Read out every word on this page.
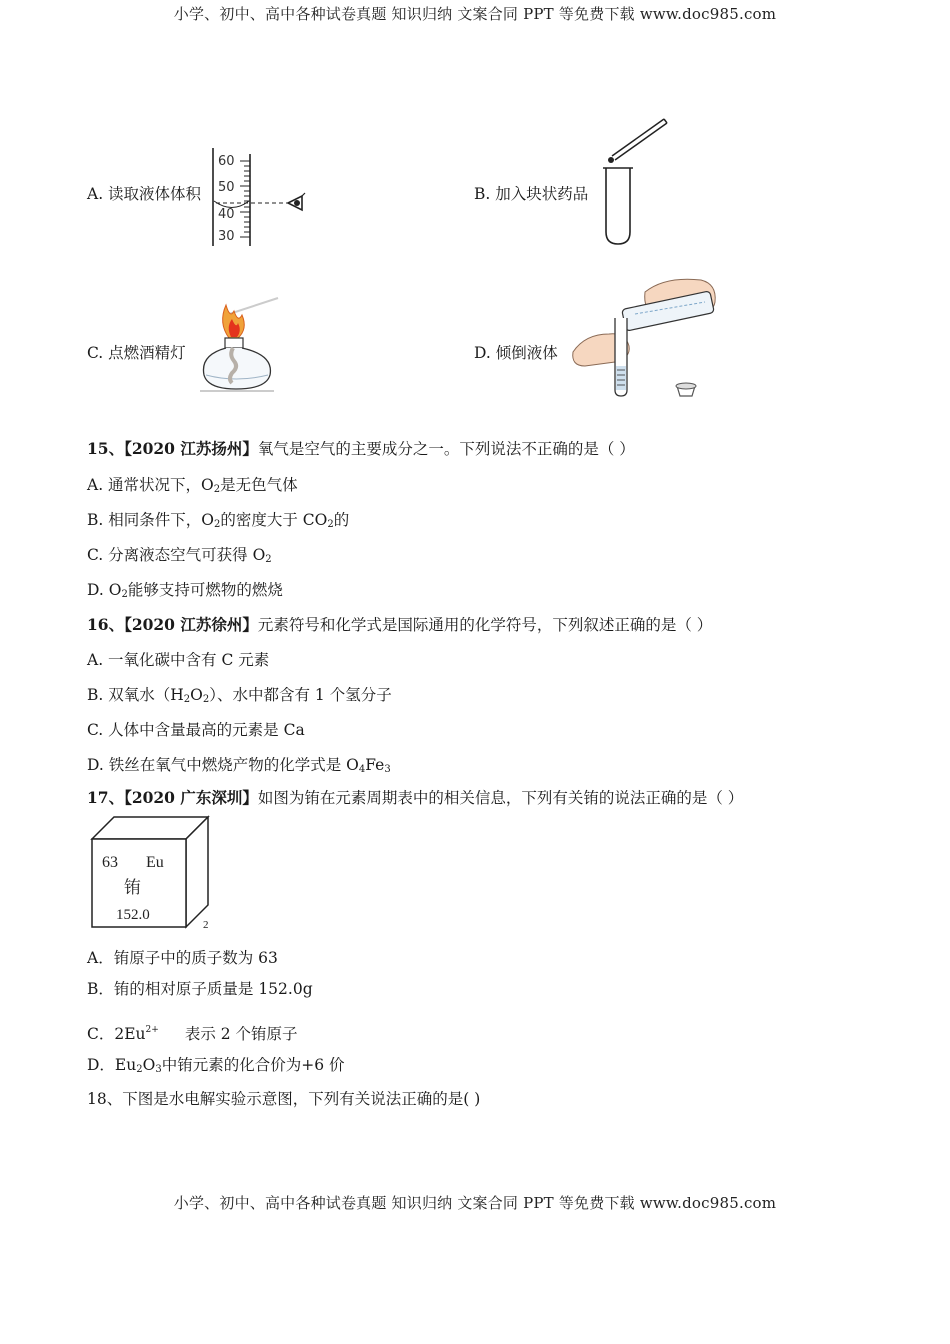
小学、初中、高中各种试卷真题 知识归纳 文案合同 PPT 等免费下载 www.doc985.com
A. 读取液体体积
60
50
40
30
B. 加入块状药品
C. 点燃酒精灯	D. 倾倒液体
15、【2020 江苏扬州】氧气是空气的主要成分之一。下列说法不正确的是（ ）
A. 通常状况下，$O_2$是无色气体
B. 相同条件下，$O_2$的密度大于 $CO_2$的
C. 分离液态空气可获得 $O_2$
D. $O_2$能够支持可燃物的燃烧
16、【2020 江苏徐州】元素符号和化学式是国际通用的化学符号，下列叙述正确的是（ ）
A. 一氧化碳中含有 C 元素
B. 双氧水$(H_2O_2)$、水中都含有 1 个氢分子
C. 人体中含量最高的元素是 Ca
D. 铁丝在氧气中燃烧产物的化学式是 $O_4Fe_3$
17、【2020 广东深圳】如图为铕在元素周期表中的相关信息，下列有关铕的说法正确的是（ ）
63 Eu
铕
152.0
2
A．铕原子中的质子数为 63
B．铕的相对原子质量是 152.0g
C．$2Eu^{2+}$ 表示 2 个铕原子
D．$Eu_2O_3$中铕元素的化合价为+6 价
18、下图是水电解实验示意图，下列有关说法正确的是( )
小学、初中、高中各种试卷真题 知识归纳 文案合同 PPT 等免费下载 www.doc985.com
